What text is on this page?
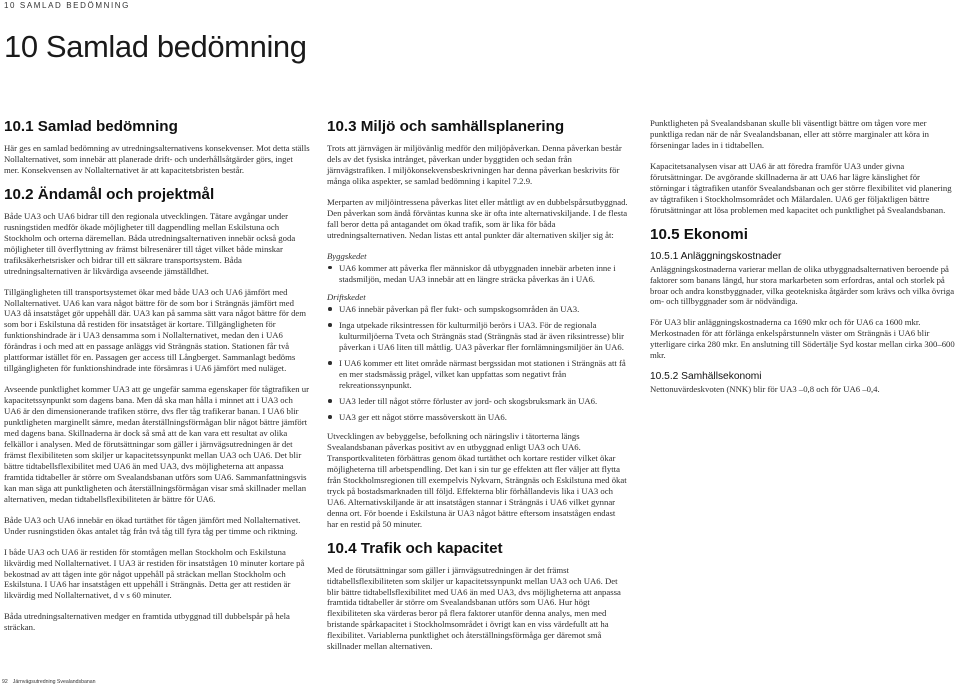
10 SAMLAD BEDÖMNING
10 Samlad bedömning
10.1 Samlad bedömning

Här ges en samlad bedömning av utredningsalternativens konsekvenser. Mot detta ställs Nollalternativet, som innebär att planerade drift- och underhållsåtgärder görs, inget mer. Konsekvensen av Nollalternativet är att kapacitetsbristen består.

10.2 Ändamål och projektmål

Både UA3 och UA6 bidrar till den regionala utvecklingen. Tätare avgångar under rusningstiden medför ökade möjligheter till dagpendling mellan Eskilstuna och Stockholm och orterna däremellan. Båda utredningsalternativen innebär också goda möjligheter till överflyttning av främst bilresenärer till tåget vilket både minskar trafiksäkerhetsrisker och bidrar till ett säkrare transportsystem. Båda utredningsalternativen är likvärdiga avseende jämställdhet.

Tillgängligheten till transportsystemet ökar med både UA3 och UA6 jämfört med Nollalternativet. UA6 kan vara något bättre för de som bor i Strängnäs jämfört med UA3 då insatståget gör uppehåll där. UA3 kan på samma sätt vara något bättre för dem som bor i Eskilstuna då restiden för insatståget är kortare. Tillgängligheten för funktionshindrade är i UA3 densamma som i Nollalternativet, medan den i UA6 förändras i och med att en passage anläggs vid Strängnäs station. Stationen får två plattformar istället för en. Passagen ger access till Långberget. Sammanlagt bedöms tillgängligheten för funktionshindrade inte försämras i UA6 jämfört med nuläget.

Avseende punktlighet kommer UA3 att ge ungefär samma egenskaper för tågtrafiken ur kapacitetssynpunkt som dagens bana. Men då ska man hålla i minnet att i UA3 och UA6 är den dimensionerande trafiken större, dvs fler tåg trafikerar banan. I UA6 blir punktligheten marginellt sämre, medan återställningsförmågan blir något bättre jämfört med dagens bana. Skillnaderna är dock så små att de kan vara ett resultat av olika felkällor i analysen. Med de förutsättningar som gäller i järnvägsutredningen är det främst flexibiliteten som skiljer ur kapacitetssynpunkt mellan UA3 och UA6. Det blir bättre tidtabellsflexibilitet med UA6 än med UA3, dvs möjligheterna att anpassa framtida tidtabeller är större om Svealandsbanan utförs som UA6. Sammanfattningsvis kan man säga att punktligheten och återställningsförmågan visar små skillnader mellan alternativen, medan tidtabellsflexibiliteten är bättre för UA6.

Både UA3 och UA6 innebär en ökad turtäthet för tågen jämfört med Nollalternativet. Under rusningstiden ökas antalet tåg från två tåg till fyra tåg per timme och riktning.

I både UA3 och UA6 är restiden för stomtågen mellan Stockholm och Eskilstuna likvärdig med Nollalternativet. I UA3 är restiden för insatstågen 10 minuter kortare på bekostnad av att tågen inte gör något uppehåll på sträckan mellan Stockholm och Eskilstuna. I UA6 har insatstågen ett uppehåll i Strängnäs. Detta ger att restiden är likvärdig med Nollalternativet, d v s 60 minuter.

Båda utredningsalternativen medger en framtida utbyggnad till dubbelspår på hela sträckan.

10.3 Miljö och samhällsplanering

Trots att järnvägen är miljövänlig medför den miljöpåverkan. Denna påverkan består dels av det fysiska intrånget, påverkan under byggtiden och sedan från järnvägstrafiken. I miljökonsekvensbeskrivningen har denna påverkan beskrivits för många olika aspekter, se samlad bedömning i kapitel 7.2.9.

Merparten av miljöintressena påverkas litet eller måttligt av en dubbelspårsutbyggnad. Den påverkan som ändå förväntas kunna ske är ofta inte alternativskiljande. I de flesta fall beror detta på antagandet om ökad trafik, som är lika för båda utredningsalternativen. Nedan listas ett antal punkter där alternativen skiljer sig åt:

Byggskedet

UA6 kommer att påverka fler människor då utbyggnaden innebär arbeten inne i stadsmiljön, medan UA3 innebär att en längre sträcka påverkas än i UA6.

Driftskedet

UA6 innebär påverkan på fler fukt- och sumpskogsområden än UA3.
Inga utpekade riksintressen för kulturmiljö berörs i UA3. För de regionala kulturmiljöerna Tveta och Strängnäs stad (Strängnäs stad är även riksintresse) blir påverkan i UA6 liten till måttlig. UA3 påverkar fler fornlämningsmiljöer än UA6.
I UA6 kommer ett litet område närmast bergssidan mot stationen i Strängnäs att få en mer stadsmässig prägel, vilket kan uppfattas som negativt från rekreationssynpunkt.
UA3 leder till något större förluster av jord- och skogsbruksmark än UA6.
UA3 ger ett något större massöverskott än UA6.

Utvecklingen av bebyggelse, befolkning och näringsliv i tätorterna längs Svealandsbanan påverkas positivt av en utbyggnad enligt UA3 och UA6. Transportkvaliteten förbättras genom ökad turtäthet och kortare restider vilket ökar möjligheterna till arbetspendling. Det kan i sin tur ge effekten att fler väljer att flytta från Stockholmsregionen till exempelvis Nykvarn, Strängnäs och Eskilstuna med ökat tryck på bostadsmarknaden till följd. Effekterna blir förhållandevis lika i UA3 och UA6. Alternativskiljande är att insatstågen stannar i Strängnäs i UA6 vilket gynnar denna ort. För boende i Eskilstuna är UA3 något bättre eftersom insatstågen endast har en restid på 50 minuter.

10.4 Trafik och kapacitet

Med de förutsättningar som gäller i järnvägsutredningen är det främst tidtabellsflexibiliteten som skiljer ur kapacitetssynpunkt mellan UA3 och UA6. Det blir bättre tidtabellsflexibilitet med UA6 än med UA3, dvs möjligheterna att anpassa framtida tidtabeller är större om Svealandsbanan utförs som UA6. Hur högt flexibiliteten ska värderas beror på flera faktorer utanför denna analys, men med bristande spårkapacitet i Stockholmsområdet i övrigt kan en viss värdefullt att ha flexibilitet. Variablerna punktlighet och återställningsförmåga ger däremot små skillnader mellan alternativen.

Punktligheten på Svealandsbanan skulle bli väsentligt bättre om tågen vore mer punktliga redan när de når Svealandsbanan, eller att större marginaler att köra in förseningar lades in i tidtabellen.

Kapacitetsanalysen visar att UA6 är att föredra framför UA3 under givna förutsättningar. De avgörande skillnaderna är att UA6 har lägre känslighet för störningar i tågtrafiken utanför Svealandsbanan och ger större flexibilitet vid planering av tågtrafiken i Stockholmsområdet och Mälardalen. UA6 ger följaktligen bättre förutsättningar att lösa problemen med kapacitet och punktlighet på Svealandsbanan.

10.5 Ekonomi
10.5.1 Anläggningskostnader

Anläggningskostnaderna varierar mellan de olika utbyggnadsalternativen beroende på faktorer som banans längd, hur stora markarbeten som erfordras, antal och storlek på broar och andra konstbyggnader, vilka geotekniska åtgärder som krävs och vilka övriga om- och tillbyggnader som är nödvändiga.

För UA3 blir anläggningskostnaderna ca 1690 mkr och för UA6 ca 1600 mkr. Merkostnaden för att förlänga enkelspårstunneln väster om Strängnäs i UA6 blir ytterligare cirka 280 mkr. En anslutning till Södertälje Syd kostar mellan cirka 300–600 mkr.

10.5.2 Samhällsekonomi

Nettonuvärdeskvoten (NNK) blir för UA3 –0,8 och för UA6 –0,4.

92 Järnvägsutredning Svealandsbanan
